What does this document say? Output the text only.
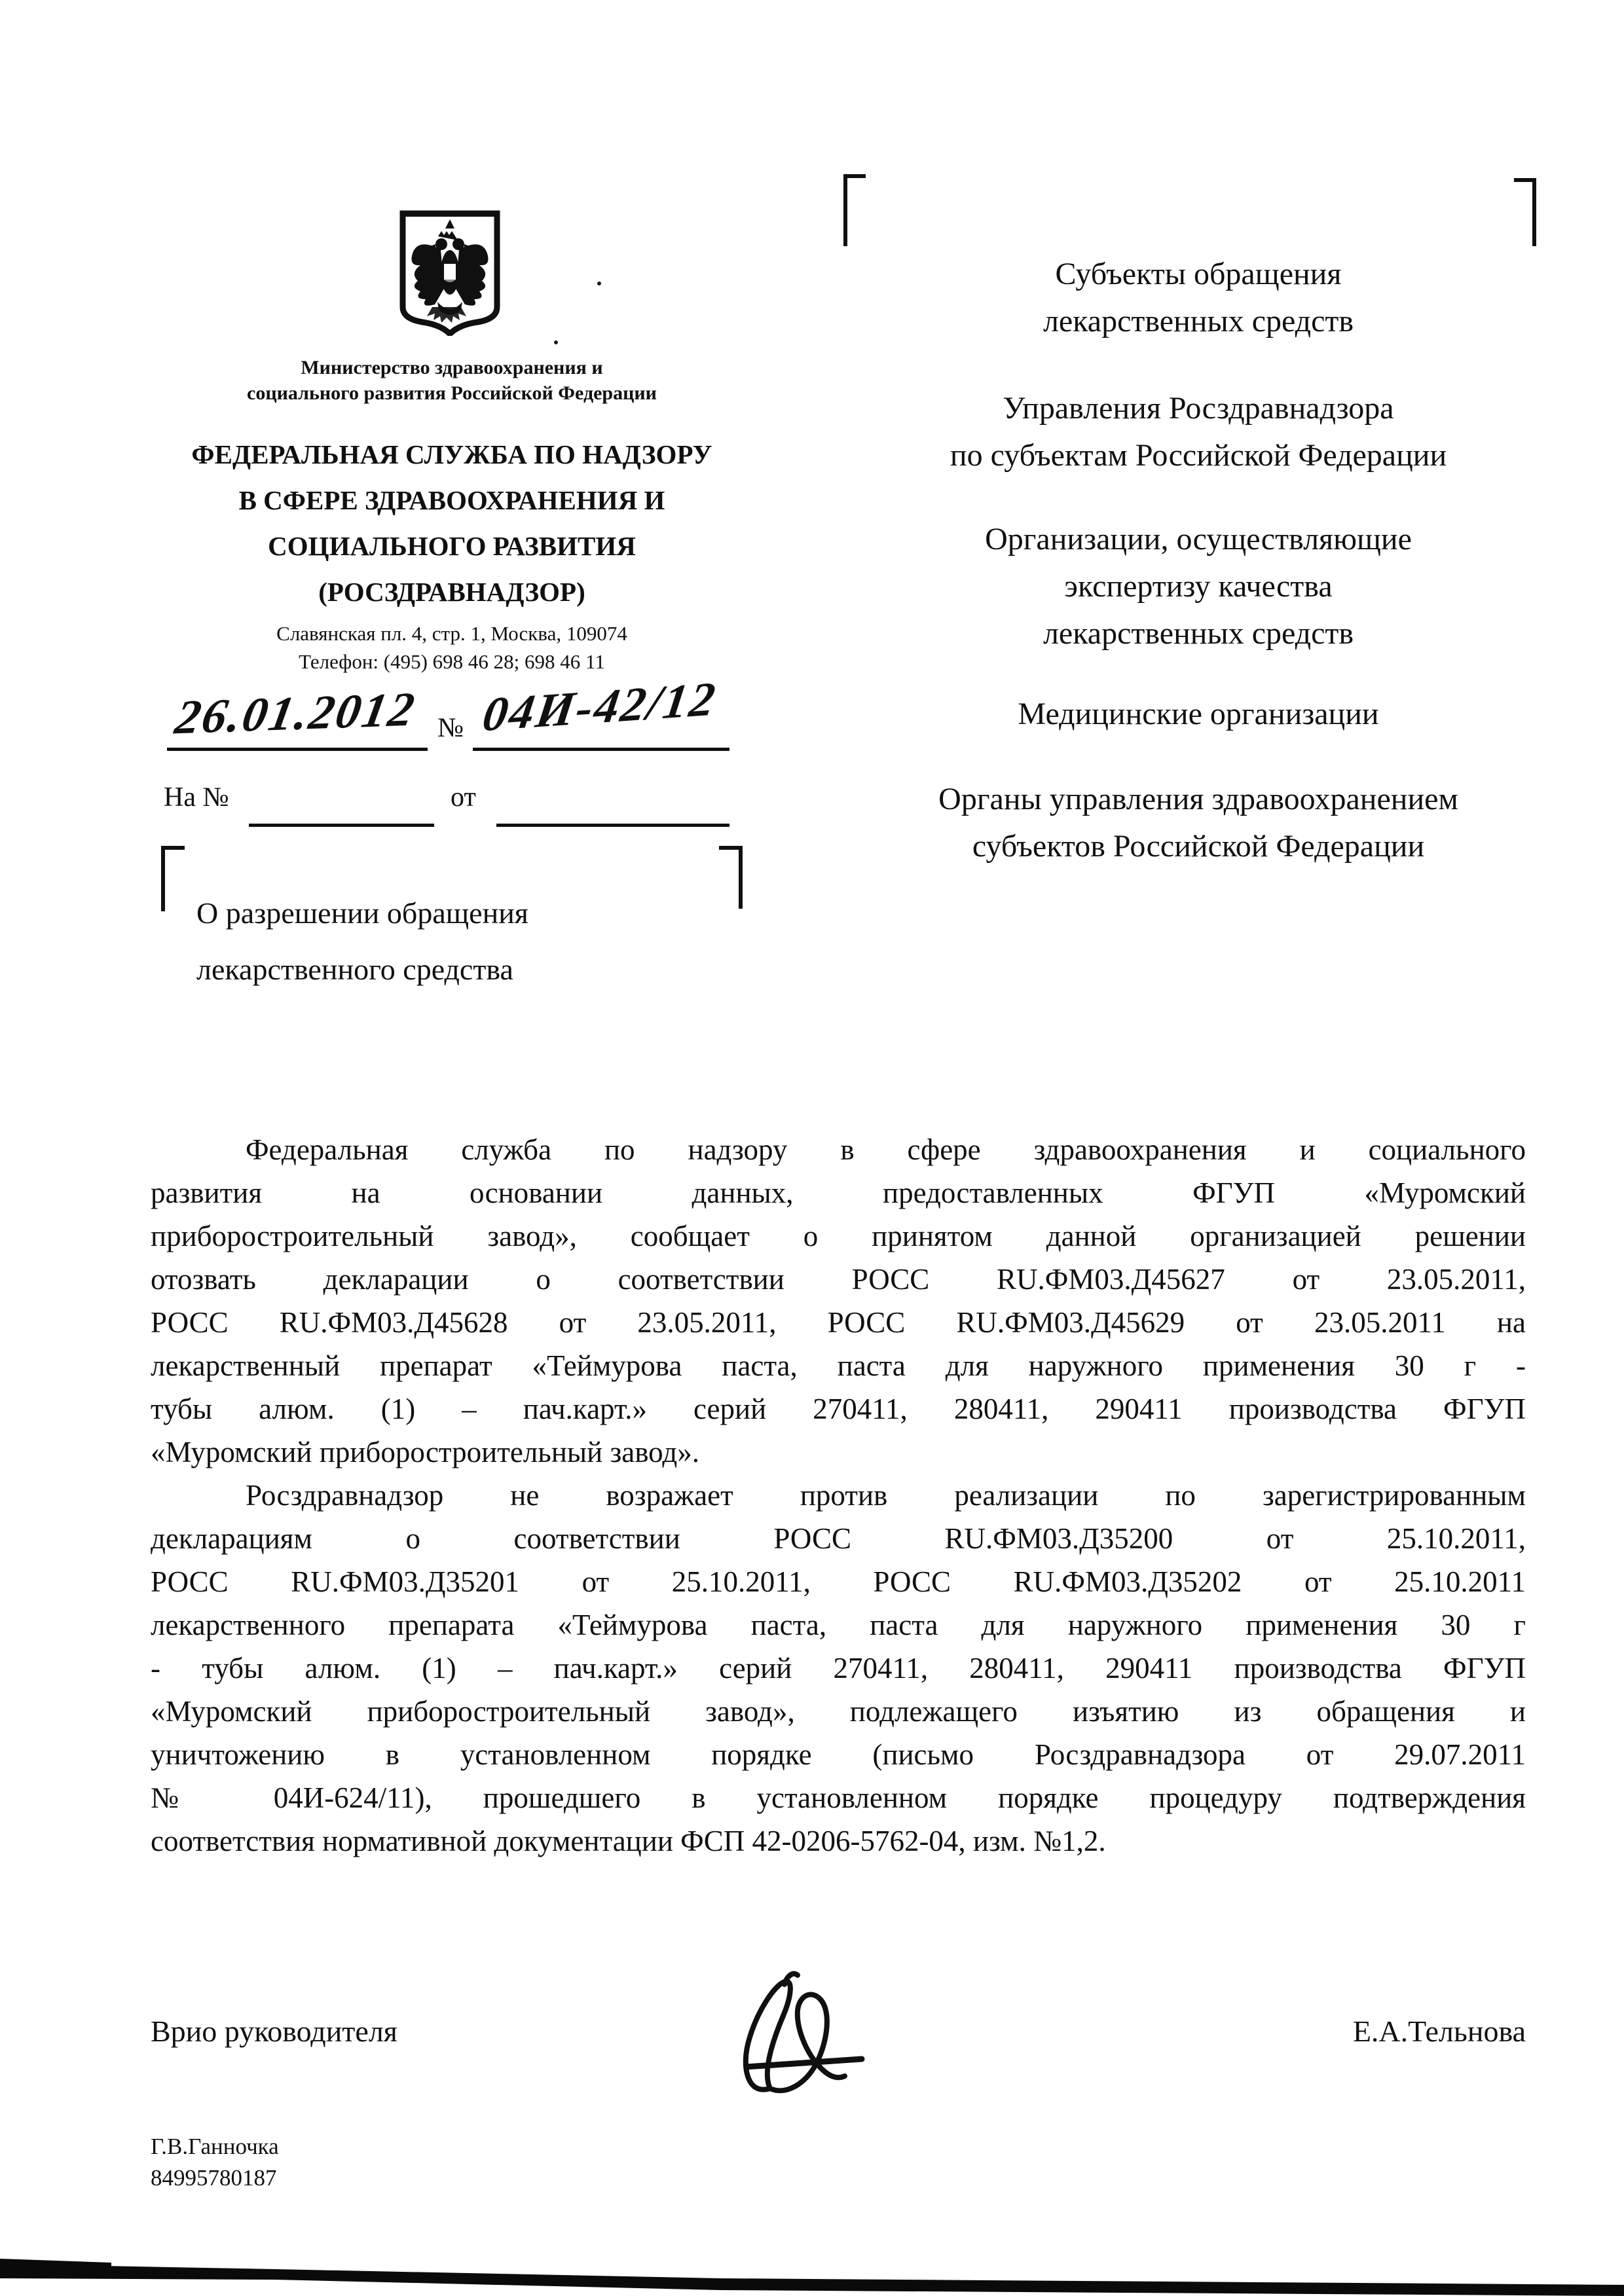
Министерство здравоохранения и
социального развития Российской Федерации
ФЕДЕРАЛЬНАЯ СЛУЖБА ПО НАДЗОРУ
В СФЕРЕ ЗДРАВООХРАНЕНИЯ И
СОЦИАЛЬНОГО РАЗВИТИЯ
(РОСЗДРАВНАДЗОР)
Славянская пл. 4, стр. 1, Москва, 109074
Телефон: (495) 698 46 28; 698 46 11
26.01.2012 № 04И-42/12
На №	от
О разрешении обращения
лекарственного средства
Субъекты обращения
лекарственных средств
Управления Росздравнадзора
по субъектам Российской Федерации
Организации, осуществляющие
экспертизу качества
лекарственных средств
Медицинские организации
Органы управления здравоохранением
субъектов Российской Федерации
Федеральная служба по надзору в сфере здравоохранения и социального
развития на основании данных, предоставленных ФГУП «Муромский
приборостроительный завод», сообщает о принятом данной организацией решении
отозвать декларации о соответствии РОСС RU.ФМ03.Д45627 от 23.05.2011,
РОСС RU.ФМ03.Д45628 от 23.05.2011, РОСС RU.ФМ03.Д45629 от 23.05.2011 на
лекарственный препарат «Теймурова паста, паста для наружного применения 30 г -
тубы алюм. (1) – пач.карт.» серий 270411, 280411, 290411 производства ФГУП
«Муромский приборостроительный завод».
Росздравнадзор не возражает против реализации по зарегистрированным
декларациям о соответствии РОСС RU.ФМ03.Д35200 от 25.10.2011,
РОСС RU.ФМ03.Д35201 от 25.10.2011, РОСС RU.ФМ03.Д35202 от 25.10.2011
лекарственного препарата «Теймурова паста, паста для наружного применения 30 г
- тубы алюм. (1) – пач.карт.» серий 270411, 280411, 290411 производства ФГУП
«Муромский приборостроительный завод», подлежащего изъятию из обращения и
уничтожению в установленном порядке (письмо Росздравнадзора от 29.07.2011
№ 04И-624/11), прошедшего в установленном порядке процедуру подтверждения
соответствия нормативной документации ФСП 42-0206-5762-04, изм. №1,2.
Врио руководителя	Е.А.Тельнова
Г.В.Ганночка
84995780187
